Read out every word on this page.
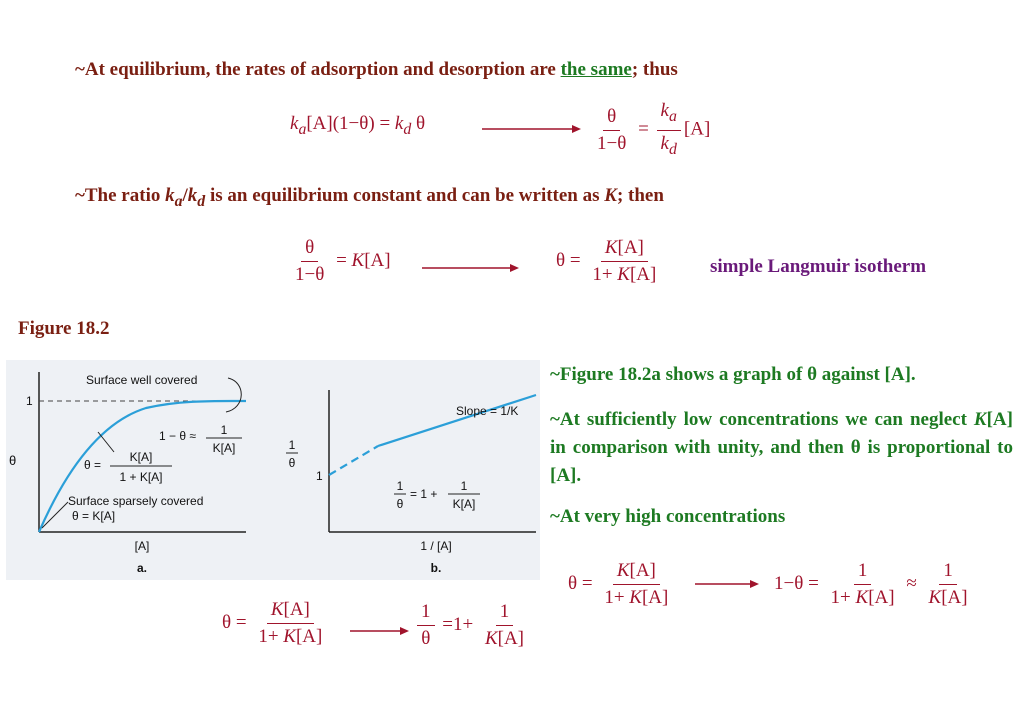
~At equilibrium, the rates of adsorption and desorption are the same; thus
$k_a[A](1-\theta) = k_d$ θ	$\frac{\theta}{1-\theta} = \frac{k_a}{k_d} [A]$
~The ratio $k_a/k_d$ is an equilibrium constant and can be written as K; then
$\frac{\theta}{1-\theta} = K[A]$	$\theta = \frac{K[A]}{1+ K[A]}$	simple Langmuir isotherm
Figure 18.2
1
θ
[A]
a.
Surface well covered
1 − θ ≈ 1
K[A]
θ =
K[A]
1 + K[A]
Surface sparsely covered
θ = K[A]
1
θ
1
1 / [A]
b.
Slope = 1/K
1
θ
= 1 +
1
K[A]
~Figure 18.2a shows a graph of θ against [A].
~At sufficiently low concentrations we can neglect K[A] in comparison with unity, and then θ is proportional to [A].
~At very high concentrations
$\theta = \frac{K[A]}{1+ K[A]}$	$1-\theta = \frac{1}{1+ K[A]} \approx \frac{1}{K[A]}$
$\theta = \frac{K[A]}{1+ K[A]}$	$\frac{1}{\theta} =1+ \frac{1}{K[A]}$
